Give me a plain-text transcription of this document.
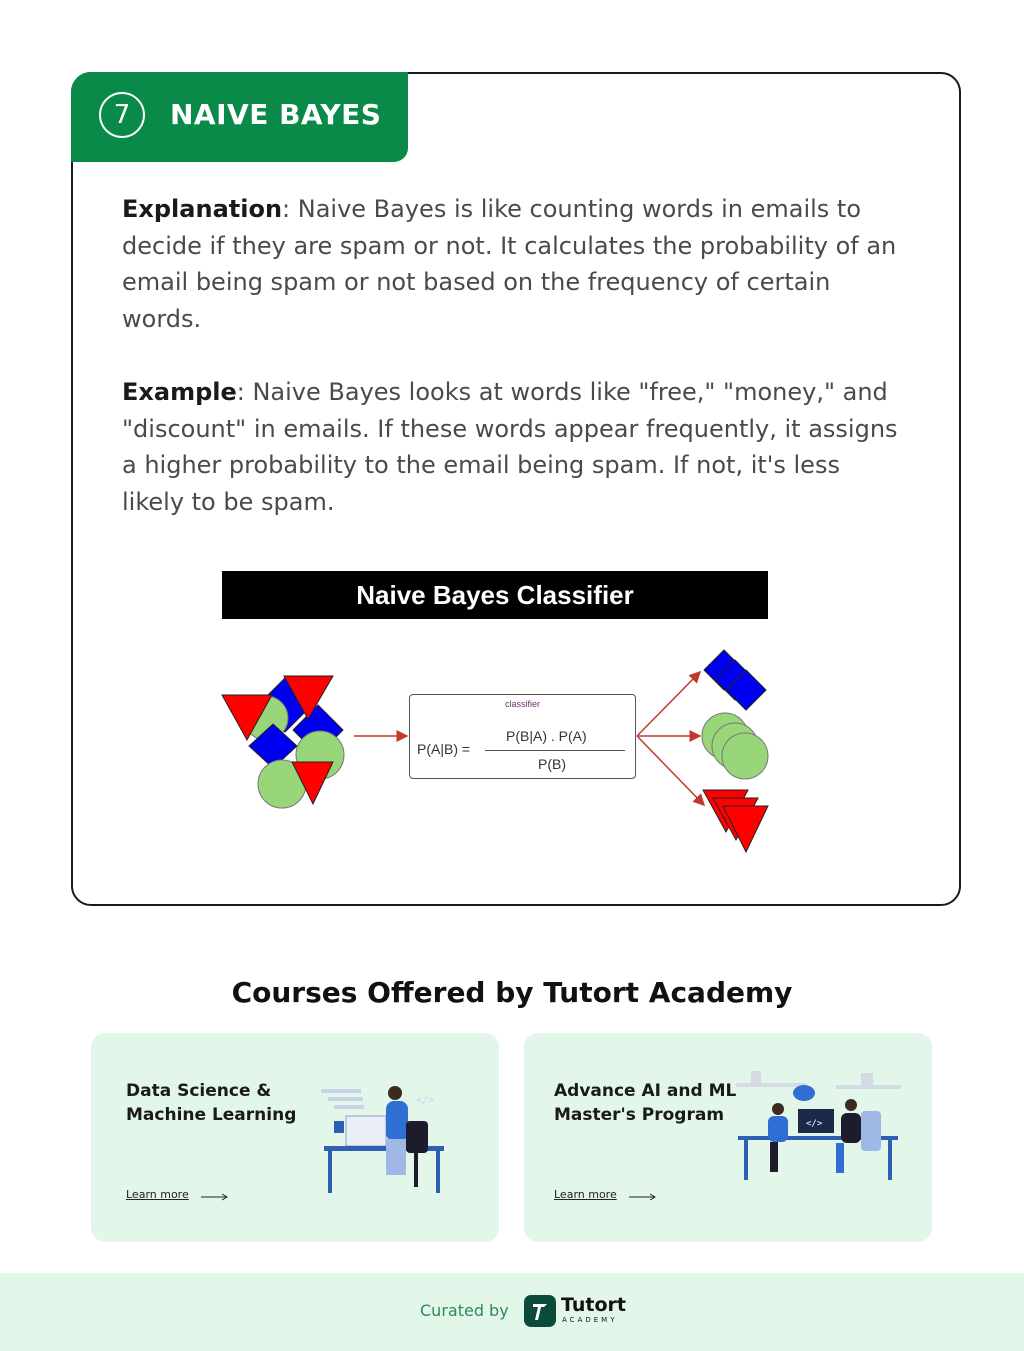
7	NAIVE BAYES
Explanation: Naive Bayes is like counting words in emails to decide if they are spam or not. It calculates the probability of an email being spam or not based on the frequency of certain words.
Example: Naive Bayes looks at words like "free," "money," and "discount" in emails. If these words appear frequently, it assigns a higher probability to the email being spam. If not, it's less likely to be spam.
Naive Bayes Classifier
classifier
P(A|B) =
P(B|A) . P(A)
P(B)
Courses Offered by Tutort Academy
Data Science & Machine Learning
Learn more
</>	Advance AI and ML Master's Program
Learn more
</>
Curated by	Tutort
ACADEMY
